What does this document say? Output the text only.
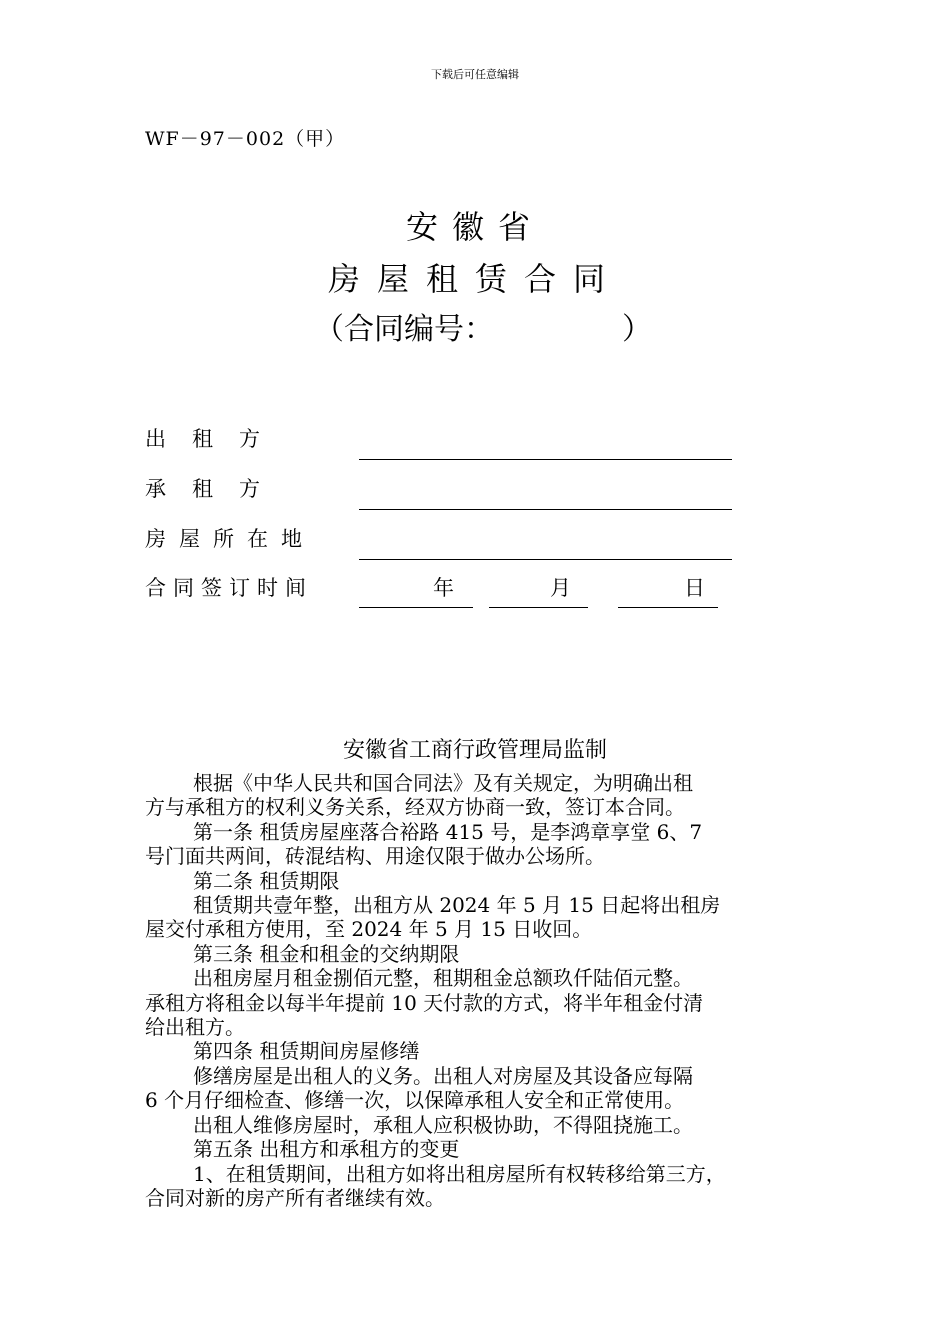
下载后可任意编辑
WF－97－002（甲）
安徽省
房屋租赁合同
（合同编号：	）
出租方
承租方
房屋所在地
合同签订时间	年	月	日
安徽省工商行政管理局监制

根据《中华人民共和国合同法》及有关规定，为明确出租

方与承租方的权利义务关系，经双方协商一致，签订本合同。

第一条 租赁房屋座落合裕路 415 号，是李鸿章享堂 6、7

号门面共两间，砖混结构、用途仅限于做办公场所。

第二条 租赁期限

租赁期共壹年整，出租方从 2024 年 5 月 15 日起将出租房

屋交付承租方使用，至 2024 年 5 月 15 日收回。

第三条 租金和租金的交纳期限

出租房屋月租金捌佰元整，租期租金总额玖仟陆佰元整。

承租方将租金以每半年提前 10 天付款的方式，将半年租金付清

给出租方。

第四条 租赁期间房屋修缮

修缮房屋是出租人的义务。出租人对房屋及其设备应每隔

6 个月仔细检查、修缮一次，以保障承租人安全和正常使用。

出租人维修房屋时，承租人应积极协助，不得阻挠施工。

第五条 出租方和承租方的变更

1、在租赁期间，出租方如将出租房屋所有权转移给第三方，

合同对新的房产所有者继续有效。
